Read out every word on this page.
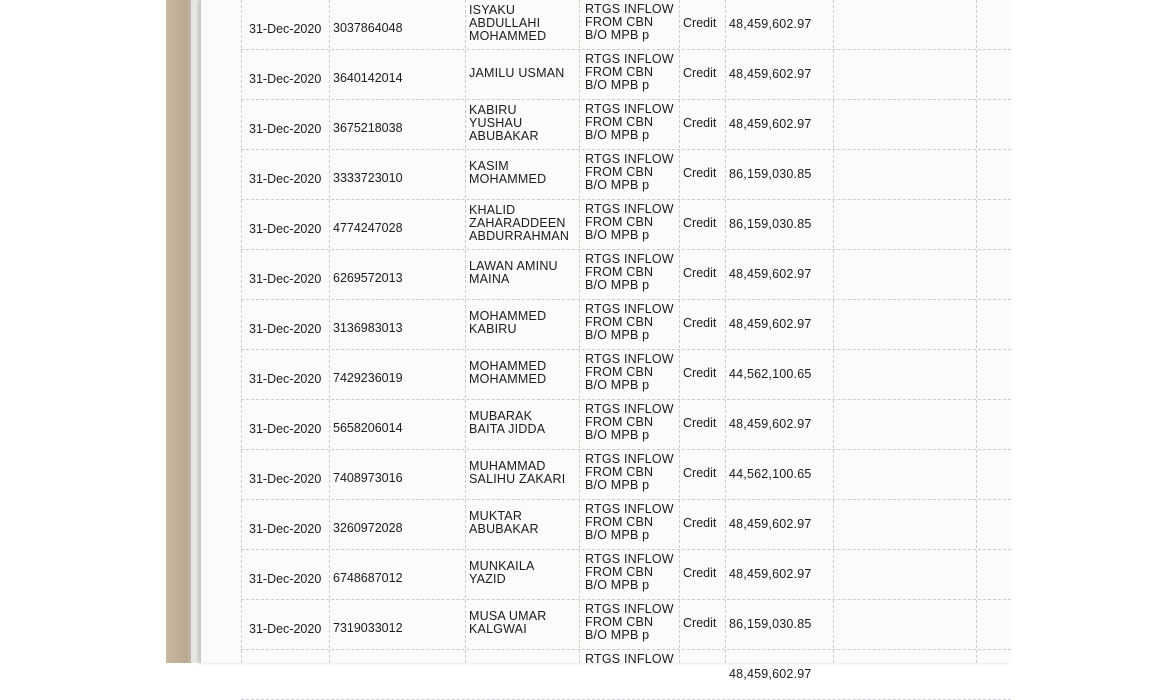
31-Dec-2020 3037864048
ISYAKU
ABDULLAHI
MOHAMMED
RTGS INFLOW
FROM CBN
B/O MPB p
Credit 48,459,602.97
31-Dec-2020 3640142014	JAMILU USMAN
RTGS INFLOW
FROM CBN
B/O MPB p
Credit 48,459,602.97
31-Dec-2020 3675218038
KABIRU
YUSHAU
ABUBAKAR
RTGS INFLOW
FROM CBN
B/O MPB p
Credit 48,459,602.97
31-Dec-2020 3333723010
KASIM
MOHAMMED
RTGS INFLOW
FROM CBN
B/O MPB p
Credit 86,159,030.85
31-Dec-2020 4774247028
KHALID
ZAHARADDEEN
ABDURRAHMAN
RTGS INFLOW
FROM CBN
B/O MPB p
Credit 86,159,030.85
31-Dec-2020 6269572013
LAWAN AMINU
MAINA
RTGS INFLOW
FROM CBN
B/O MPB p
Credit 48,459,602.97
31-Dec-2020 3136983013
MOHAMMED
KABIRU
RTGS INFLOW
FROM CBN
B/O MPB p
Credit 48,459,602.97
31-Dec-2020 7429236019
MOHAMMED
MOHAMMED
RTGS INFLOW
FROM CBN
B/O MPB p
Credit 44,562,100.65
31-Dec-2020 5658206014
MUBARAK
BAITA JIDDA
RTGS INFLOW
FROM CBN
B/O MPB p
Credit 48,459,602.97
31-Dec-2020 7408973016
MUHAMMAD
SALIHU ZAKARI
RTGS INFLOW
FROM CBN
B/O MPB p
Credit 44,562,100.65
31-Dec-2020 3260972028
MUKTAR
ABUBAKAR
RTGS INFLOW
FROM CBN
B/O MPB p
Credit 48,459,602.97
31-Dec-2020 6748687012
MUNKAILA
YAZID
RTGS INFLOW
FROM CBN
B/O MPB p
Credit 48,459,602.97
31-Dec-2020 7319033012
MUSA UMAR
KALGWAI
RTGS INFLOW
FROM CBN
B/O MPB p
Credit 86,159,030.85
RTGS INFLOW
48,459,602.97
